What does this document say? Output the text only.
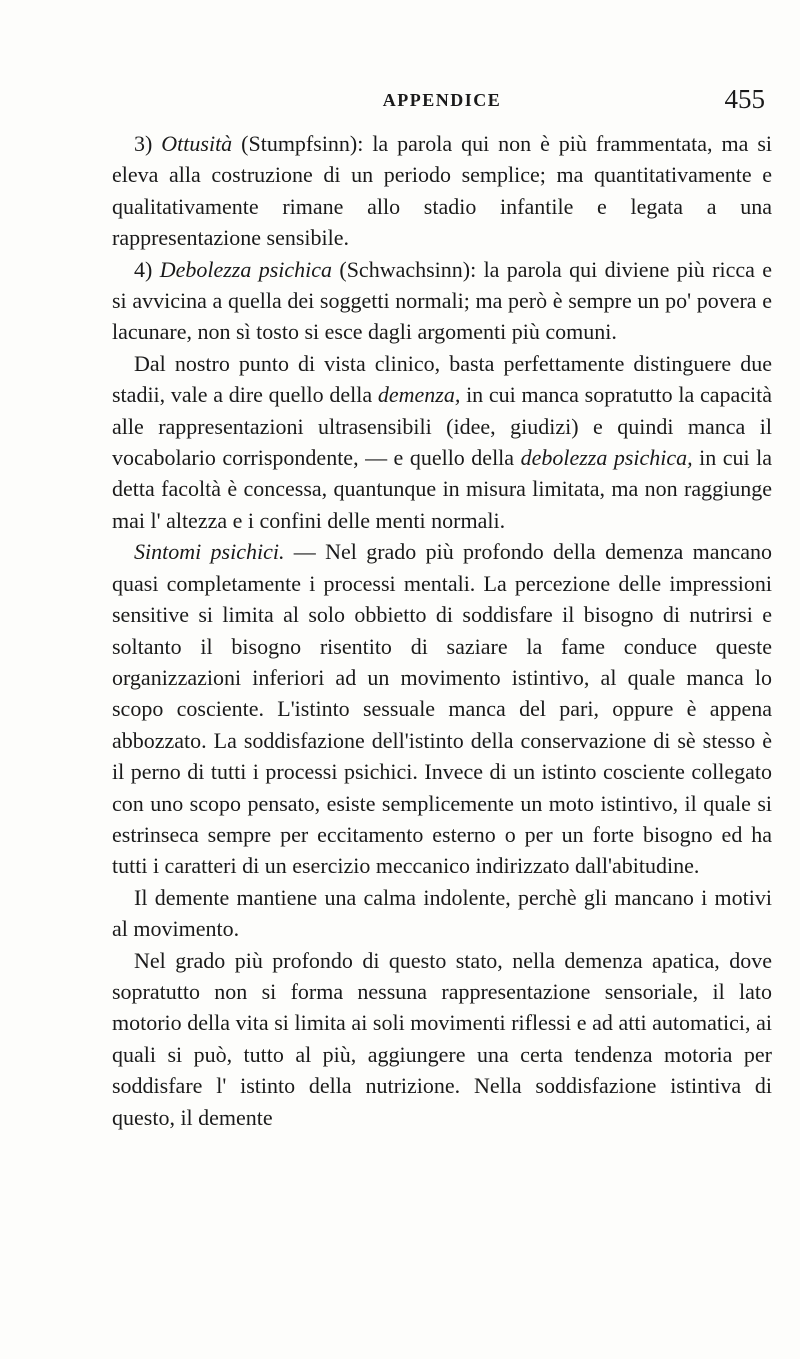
APPENDICE	455

3) Ottusità (Stumpfsinn): la parola qui non è più frammentata, ma si eleva alla costruzione di un periodo semplice; ma quantitativamente e qualitativamente rimane allo stadio infantile e legata a una rappresentazione sensibile.

4) Debolezza psichica (Schwachsinn): la parola qui diviene più ricca e si avvicina a quella dei soggetti normali; ma però è sempre un po' povera e lacunare, non sì tosto si esce dagli argomenti più comuni.

Dal nostro punto di vista clinico, basta perfettamente distinguere due stadii, vale a dire quello della demenza, in cui manca sopratutto la capacità alle rappresentazioni ultrasensibili (idee, giudizi) e quindi manca il vocabolario corrispondente, — e quello della debolezza psichica, in cui la detta facoltà è concessa, quantunque in misura limitata, ma non raggiunge mai l' altezza e i confini delle menti normali.

Sintomi psichici. — Nel grado più profondo della demenza mancano quasi completamente i processi mentali. La percezione delle impressioni sensitive si limita al solo obbietto di soddisfare il bisogno di nutrirsi e soltanto il bisogno risentito di saziare la fame conduce queste organizzazioni inferiori ad un movimento istintivo, al quale manca lo scopo cosciente. L'istinto sessuale manca del pari, oppure è appena abbozzato. La soddisfazione dell'istinto della conservazione di sè stesso è il perno di tutti i processi psichici. Invece di un istinto cosciente collegato con uno scopo pensato, esiste semplicemente un moto istintivo, il quale si estrinseca sempre per eccitamento esterno o per un forte bisogno ed ha tutti i caratteri di un esercizio meccanico indirizzato dall'abitudine.

Il demente mantiene una calma indolente, perchè gli mancano i motivi al movimento.

Nel grado più profondo di questo stato, nella demenza apatica, dove sopratutto non si forma nessuna rappresentazione sensoriale, il lato motorio della vita si limita ai soli movimenti riflessi e ad atti automatici, ai quali si può, tutto al più, aggiungere una certa tendenza motoria per soddisfare l' istinto della nutrizione. Nella soddisfazione istintiva di questo, il demente
